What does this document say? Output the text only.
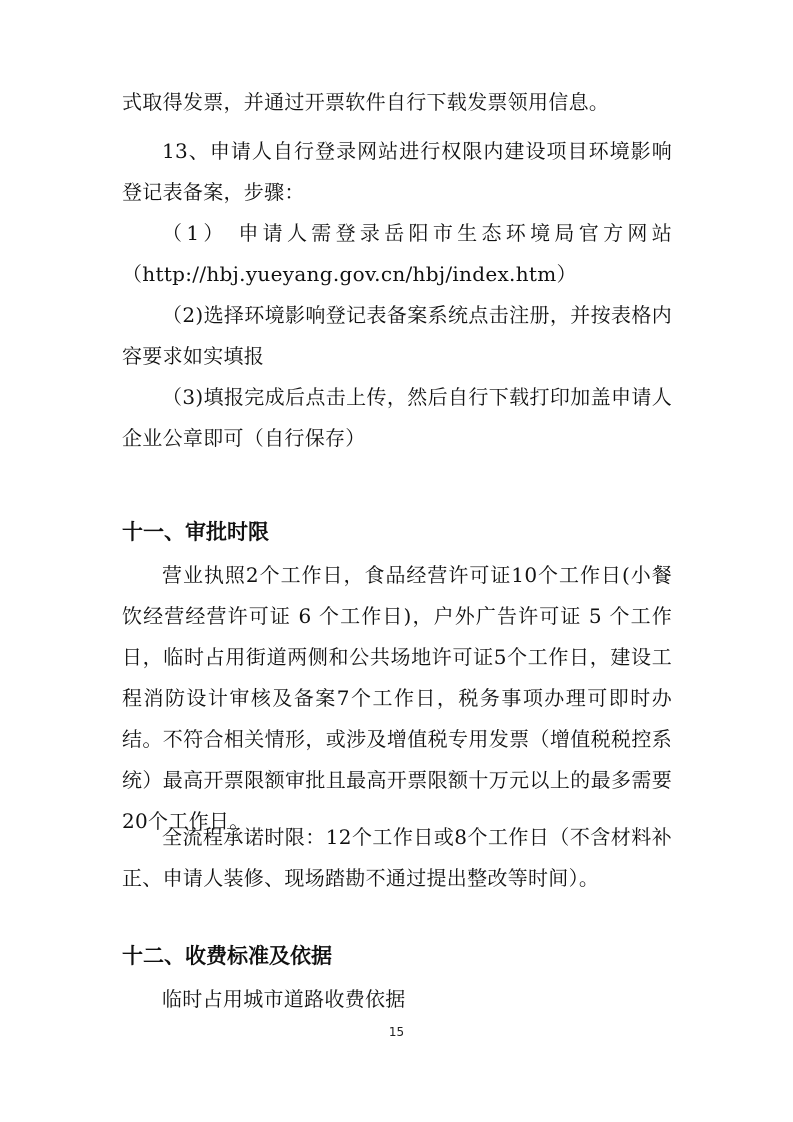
式取得发票，并通过开票软件自行下载发票领用信息。

13、申请人自行登录网站进行权限内建设项目环境影响登记表备案，步骤：

（1） 申请人需登录岳阳市生态环境局官方网站（http://hbj.yueyang.gov.cn/hbj/index.htm）

（2)选择环境影响登记表备案系统点击注册，并按表格内容要求如实填报

（3)填报完成后点击上传，然后自行下载打印加盖申请人企业公章即可（自行保存）

十一、审批时限

营业执照2个工作日，食品经营许可证10个工作日(小餐饮经营经营许可证 6 个工作日)，户外广告许可证 5 个工作日，临时占用街道两侧和公共场地许可证5个工作日，建设工程消防设计审核及备案7个工作日，税务事项办理可即时办结。不符合相关情形，或涉及增值税专用发票（增值税税控系统）最高开票限额审批且最高开票限额十万元以上的最多需要20个工作日。

全流程承诺时限：12个工作日或8个工作日（不含材料补正、申请人装修、现场踏勘不通过提出整改等时间）。

十二、收费标准及依据

临时占用城市道路收费依据

15
